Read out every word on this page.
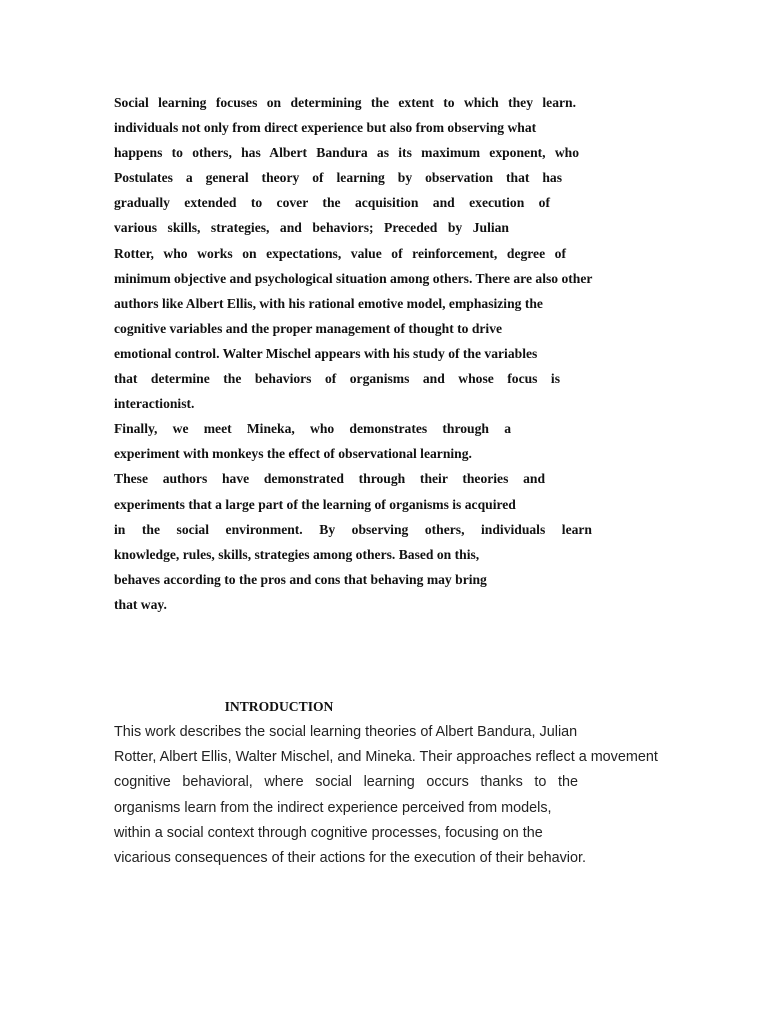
Social learning focuses on determining the extent to which they learn.
individuals not only from direct experience but also from observing what
happens to others, has Albert Bandura as its maximum exponent, who
Postulates a general theory of learning by observation that has
gradually extended to cover the acquisition and execution of
various skills, strategies, and behaviors; Preceded by Julian
Rotter, who works on expectations, value of reinforcement, degree of
minimum objective and psychological situation among others. There are also other
authors like Albert Ellis, with his rational emotive model, emphasizing the
cognitive variables and the proper management of thought to drive
emotional control. Walter Mischel appears with his study of the variables
that determine the behaviors of organisms and whose focus is
interactionist.
Finally, we meet Mineka, who demonstrates through a
experiment with monkeys the effect of observational learning.
These authors have demonstrated through their theories and
experiments that a large part of the learning of organisms is acquired
in the social environment. By observing others, individuals learn
knowledge, rules, skills, strategies among others. Based on this,
behaves according to the pros and cons that behaving may bring
that way.
INTRODUCTION
This work describes the social learning theories of Albert Bandura, Julian
Rotter, Albert Ellis, Walter Mischel, and Mineka. Their approaches reflect a movement
cognitive behavioral, where social learning occurs thanks to the
organisms learn from the indirect experience perceived from models,
within a social context through cognitive processes, focusing on the
vicarious consequences of their actions for the execution of their behavior.
